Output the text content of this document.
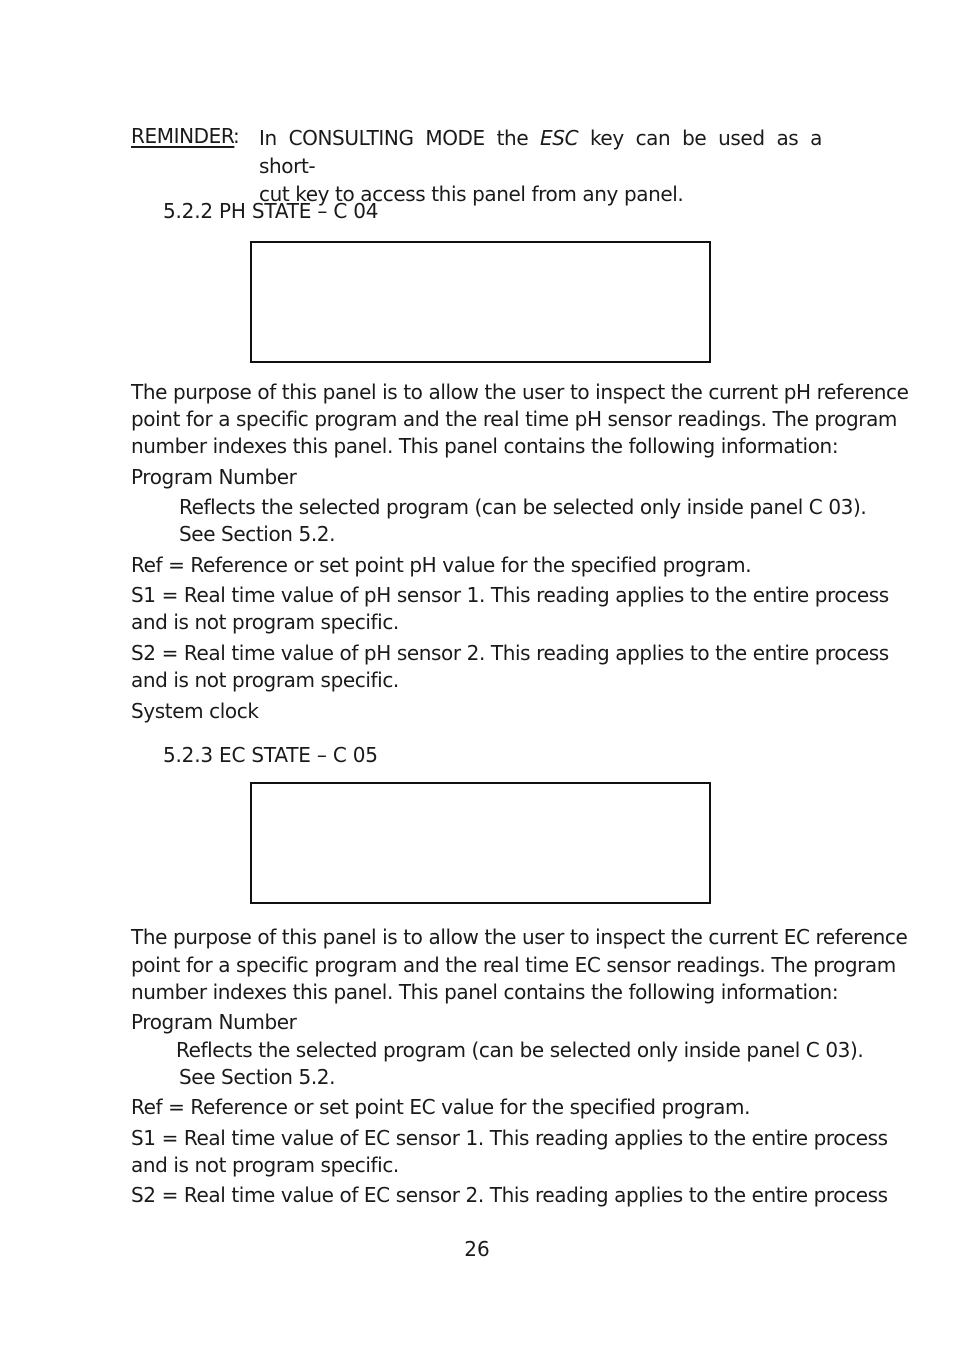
REMINDER
: In CONSULTING MODE the ESC key can be used as a short-
cut key to access this panel from any panel.
5.2.2 PH STATE – C 04
The purpose of this panel is to allow the user to inspect the current pH reference
point for a specific program and the real time pH sensor readings. The program
number indexes this panel. This panel contains the following information:
Program Number
Reflects the selected program (can be selected only inside panel C 03).
See Section 5.2.
Ref = Reference or set point pH value for the specified program.
S1 = Real time value of pH sensor 1. This reading applies to the entire process
and is not program specific.
S2 = Real time value of pH sensor 2. This reading applies to the entire process
and is not program specific.
System clock
5.2.3 EC STATE – C 05
The purpose of this panel is to allow the user to inspect the current EC reference
point for a specific program and the real time EC sensor readings. The program
number indexes this panel. This panel contains the following information:
Program Number
Reflects the selected program (can be selected only inside panel C 03).
See Section 5.2.
Ref = Reference or set point EC value for the specified program.
S1 = Real time value of EC sensor 1. This reading applies to the entire process
and is not program specific.
S2 = Real time value of EC sensor 2. This reading applies to the entire process
26
